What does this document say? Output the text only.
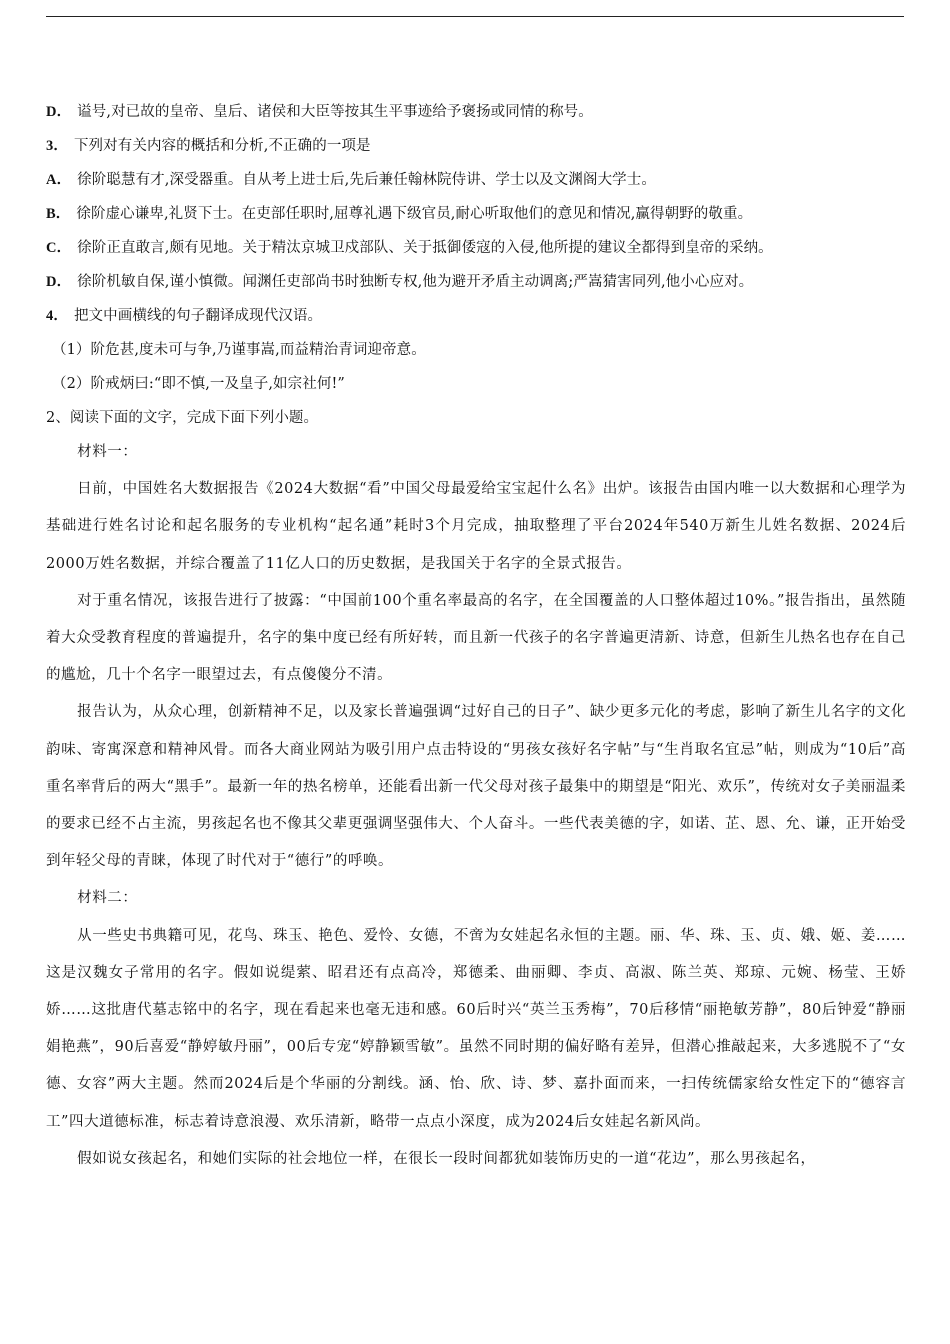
D． 谥号,对已故的皇帝、皇后、诸侯和大臣等按其生平事迹给予褒扬或同情的称号。
3． 下列对有关内容的概括和分析,不正确的一项是
A． 徐阶聪慧有才,深受器重。自从考上进士后,先后兼任翰林院侍讲、学士以及文渊阁大学士。
B． 徐阶虚心谦卑,礼贤下士。在吏部任职时,屈尊礼遇下级官员,耐心听取他们的意见和情况,赢得朝野的敬重。
C． 徐阶正直敢言,颇有见地。关于精汰京城卫戍部队、关于抵御倭寇的入侵,他所提的建议全都得到皇帝的采纳。
D． 徐阶机敏自保,谨小慎微。闻渊任吏部尚书时独断专权,他为避开矛盾主动调离;严嵩猜害同列,他小心应对。
4． 把文中画横线的句子翻译成现代汉语。
（1）阶危甚,度未可与争,乃谨事嵩,而益精治青词迎帝意。
（2）阶戒炳曰:“即不慎,一及皇子,如宗社何!”
2、阅读下面的文字，完成下面下列小题。

材料一：

日前，中国姓名大数据报告《2024大数据“看”中国父母最爱给宝宝起什么名》出炉。该报告由国内唯一以大数据和心理学为基础进行姓名讨论和起名服务的专业机构“起名通”耗时3个月完成，抽取整理了平台2024年540万新生儿姓名数据、2024后2000万姓名数据，并综合覆盖了11亿人口的历史数据，是我国关于名字的全景式报告。

对于重名情况，该报告进行了披露：“中国前100个重名率最高的名字，在全国覆盖的人口整体超过10%。”报告指出，虽然随着大众受教育程度的普遍提升，名字的集中度已经有所好转，而且新一代孩子的名字普遍更清新、诗意，但新生儿热名也存在自己的尴尬，几十个名字一眼望过去，有点傻傻分不清。

报告认为，从众心理，创新精神不足，以及家长普遍强调“过好自己的日子”、缺少更多元化的考虑，影响了新生儿名字的文化韵味、寄寓深意和精神风骨。而各大商业网站为吸引用户点击特设的“男孩女孩好名字帖”与“生肖取名宜忌”帖，则成为“10后”高重名率背后的两大“黑手”。最新一年的热名榜单，还能看出新一代父母对孩子最集中的期望是“阳光、欢乐”，传统对女子美丽温柔的要求已经不占主流，男孩起名也不像其父辈更强调坚强伟大、个人奋斗。一些代表美德的字，如诺、芷、恩、允、谦，正开始受到年轻父母的青睐，体现了时代对于“德行”的呼唤。

材料二：

从一些史书典籍可见，花鸟、珠玉、艳色、爱怜、女德，不啻为女娃起名永恒的主题。丽、华、珠、玉、贞、娥、姬、姜……这是汉魏女子常用的名字。假如说缇萦、昭君还有点高冷，郑德柔、曲丽卿、李贞、高淑、陈兰英、郑琼、元婉、杨莹、王娇娇……这批唐代墓志铭中的名字，现在看起来也毫无违和感。60后时兴“英兰玉秀梅”，70后移情“丽艳敏芳静”，80后钟爱“静丽娟艳燕”，90后喜爱“静婷敏丹丽”，00后专宠“婷静颖雪敏”。虽然不同时期的偏好略有差异，但潜心推敲起来，大多逃脱不了“女德、女容”两大主题。然而2024后是个华丽的分割线。涵、怡、欣、诗、梦、嘉扑面而来，一扫传统儒家给女性定下的“德容言工”四大道德标准，标志着诗意浪漫、欢乐清新，略带一点点小深度，成为2024后女娃起名新风尚。

假如说女孩起名，和她们实际的社会地位一样，在很长一段时间都犹如装饰历史的一道“花边”，那么男孩起名，
